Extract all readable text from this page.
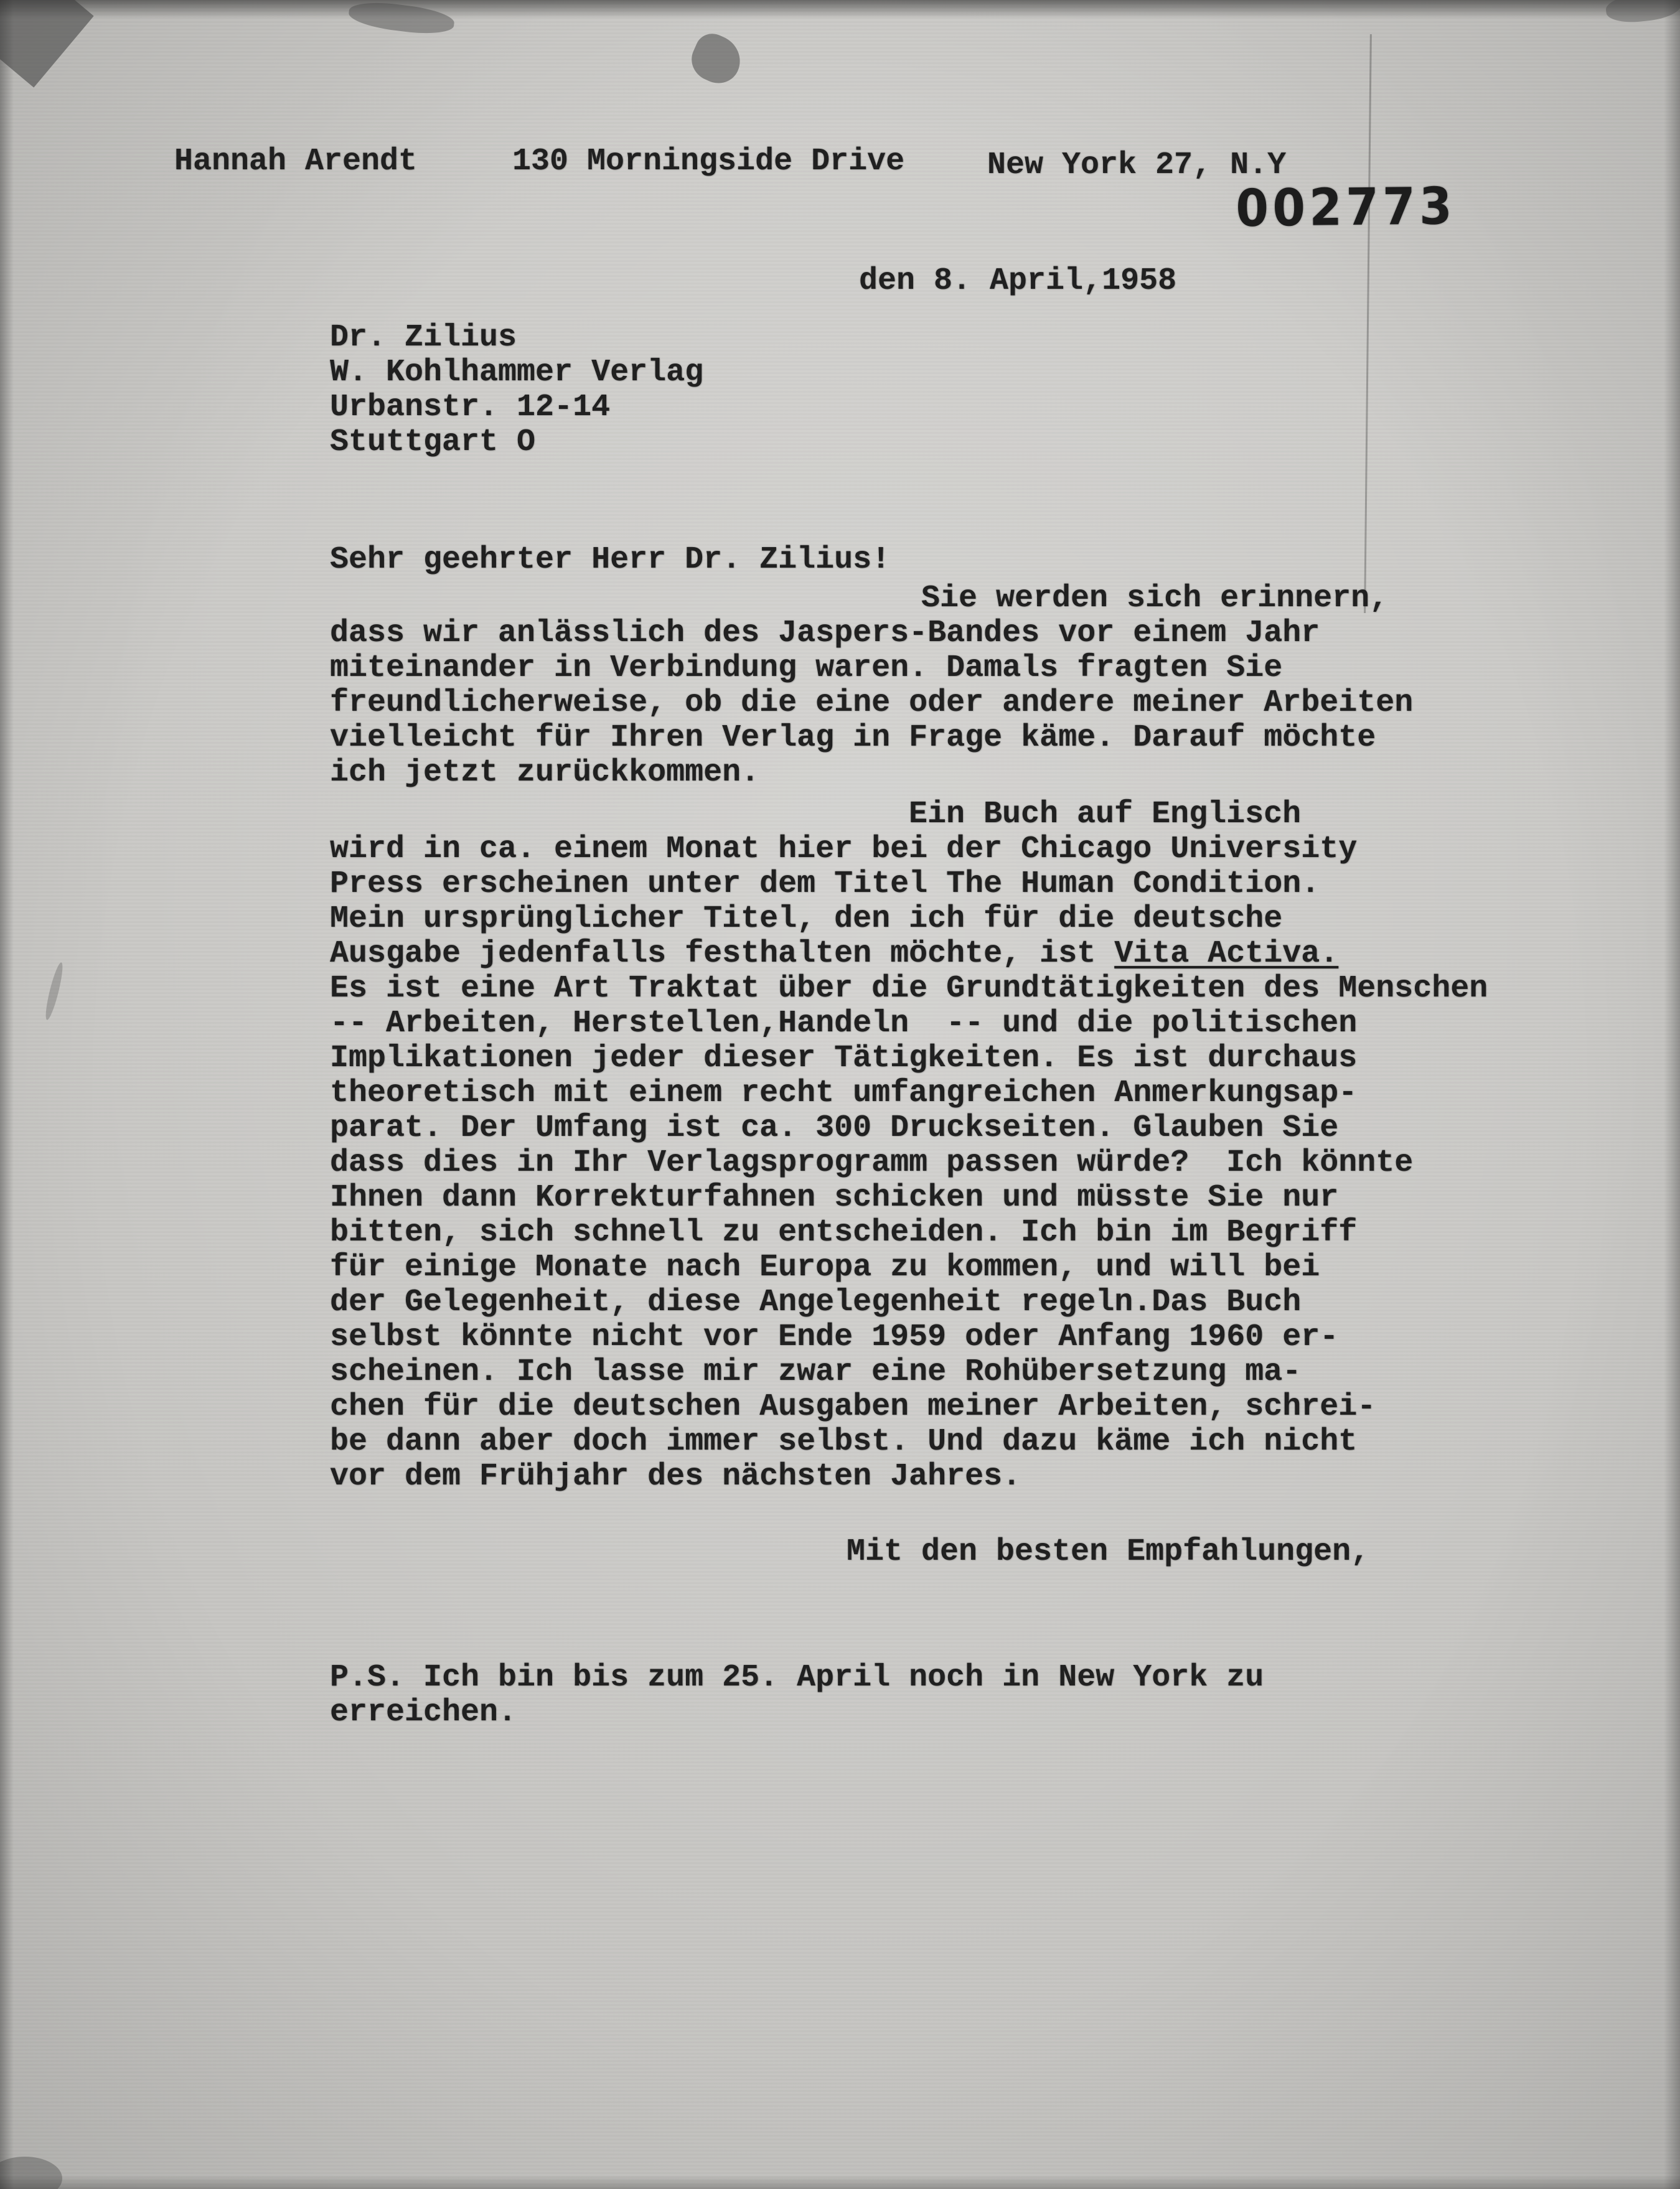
Hannah Arendt	130 Morningside Drive	New York 27, N.Y
002773
den 8. April,1958
Dr. Zilius
W. Kohlhammer Verlag
Urbanstr. 12-14
Stuttgart O
Sehr geehrter Herr Dr. Zilius!
Sie werden sich erinnern,
dass wir anlässlich des Jaspers-Bandes vor einem Jahr
miteinander in Verbindung waren. Damals fragten Sie
freundlicherweise, ob die eine oder andere meiner Arbeiten
vielleicht für Ihren Verlag in Frage käme. Darauf möchte
ich jetzt zurückkommen.
Ein Buch auf Englisch
wird in ca. einem Monat hier bei der Chicago University
Press erscheinen unter dem Titel The Human Condition.
Mein ursprünglicher Titel, den ich für die deutsche
Ausgabe jedenfalls festhalten möchte, ist Vita Activa.
Es ist eine Art Traktat über die Grundtätigkeiten des Menschen
-- Arbeiten, Herstellen,Handeln  -- und die politischen
Implikationen jeder dieser Tätigkeiten. Es ist durchaus
theoretisch mit einem recht umfangreichen Anmerkungsap-
parat. Der Umfang ist ca. 300 Druckseiten. Glauben Sie
dass dies in Ihr Verlagsprogramm passen würde?  Ich könnte
Ihnen dann Korrekturfahnen schicken und müsste Sie nur
bitten, sich schnell zu entscheiden. Ich bin im Begriff
für einige Monate nach Europa zu kommen, und will bei
der Gelegenheit, diese Angelegenheit regeln.Das Buch
selbst könnte nicht vor Ende 1959 oder Anfang 1960 er-
scheinen. Ich lasse mir zwar eine Rohübersetzung ma-
chen für die deutschen Ausgaben meiner Arbeiten, schrei-
be dann aber doch immer selbst. Und dazu käme ich nicht
vor dem Frühjahr des nächsten Jahres.
Mit den besten Empfahlungen,
P.S. Ich bin bis zum 25. April noch in New York zu
erreichen.
